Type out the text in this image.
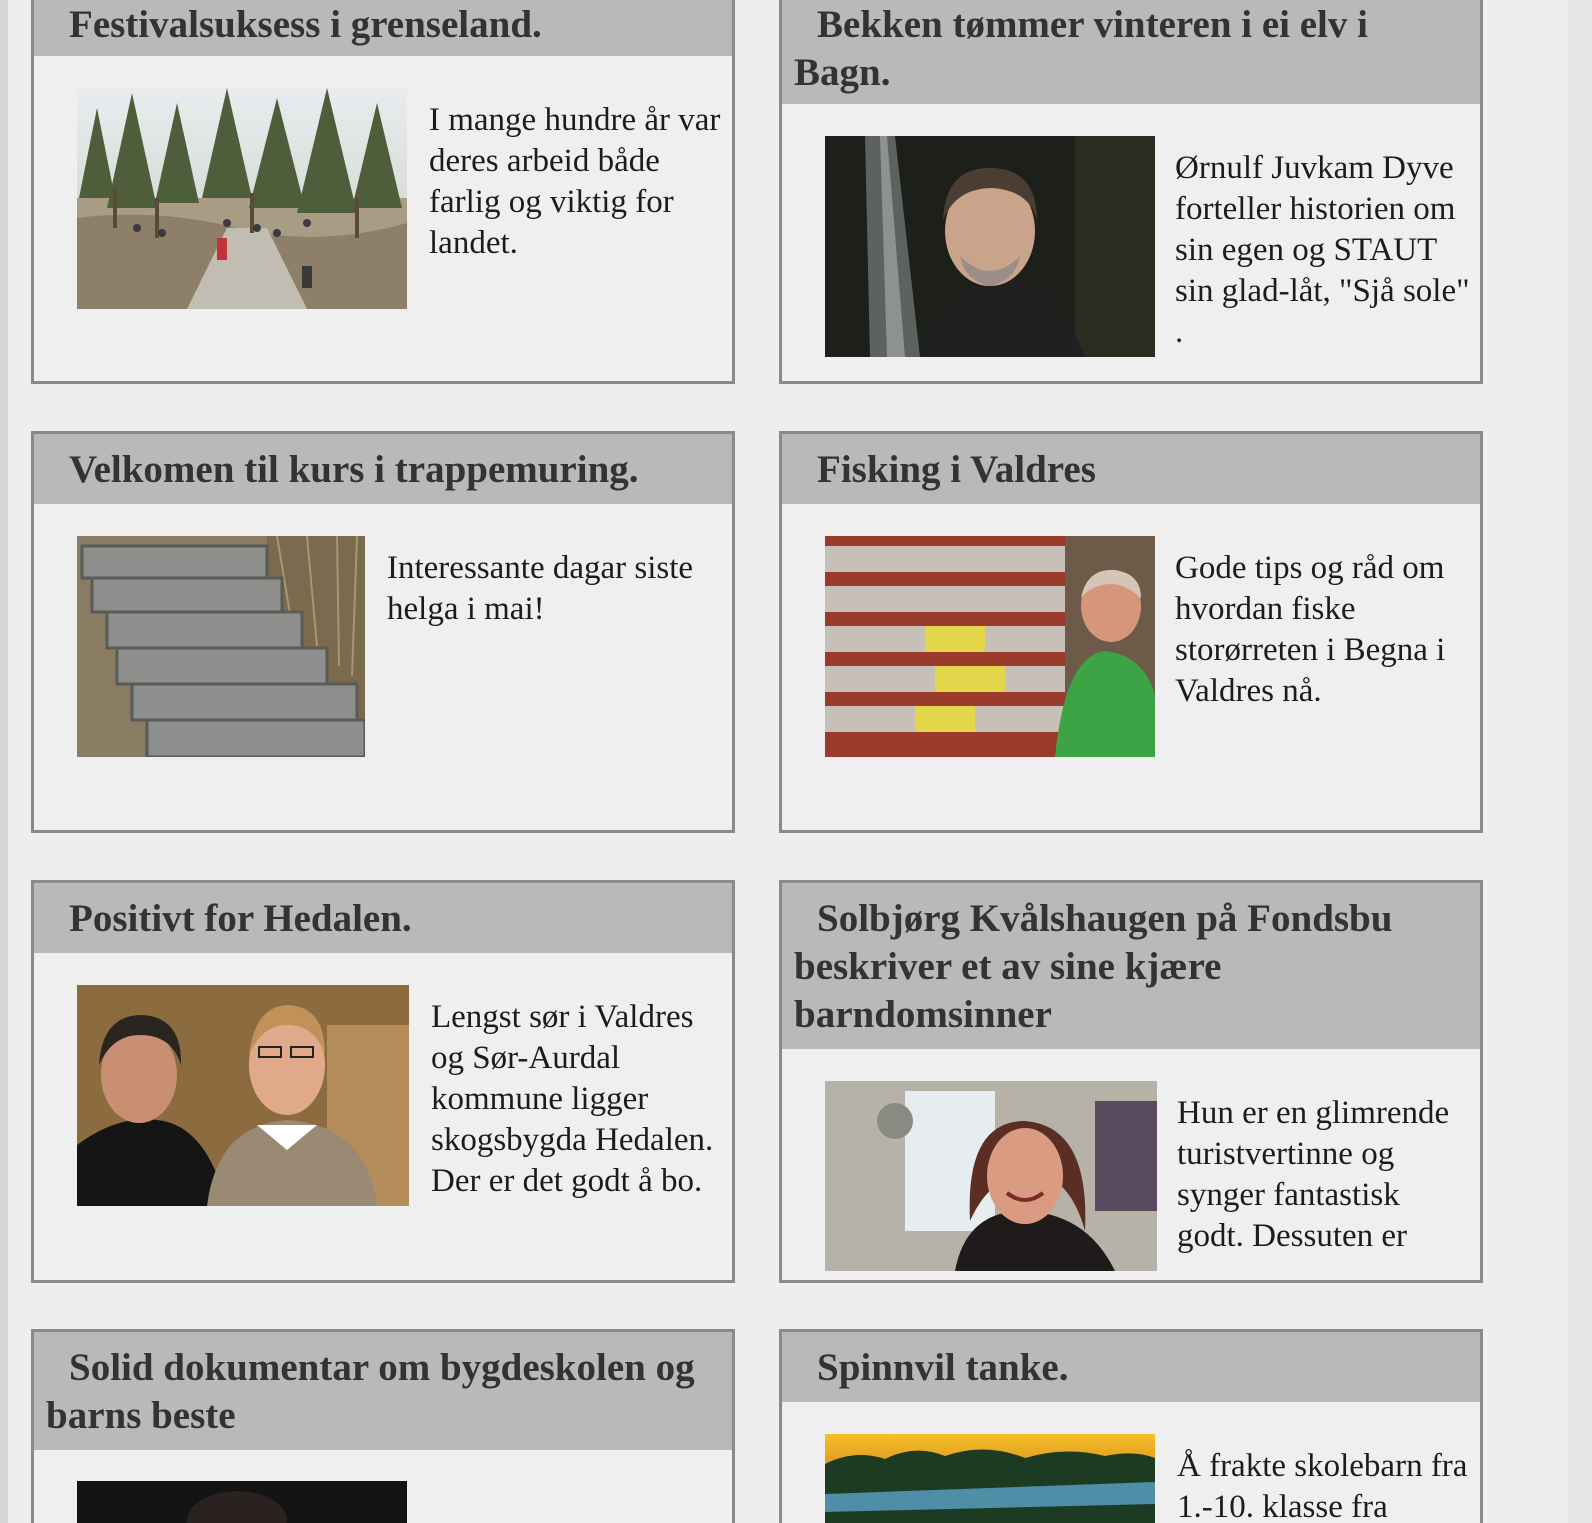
Festivalsuksess i grenseland.
I mange hundre år var deres arbeid både farlig og viktig for landet.
Bekken tømmer vinteren i ei elv i Bagn.
Ørnulf Juvkam Dyve forteller historien om sin egen og STAUT sin glad-låt, "Sjå sole" .
Velkomen til kurs i trappemuring.
Interessante dagar siste helga i mai!
Fisking i Valdres
Gode tips og råd om hvordan fiske storørreten i Begna i Valdres nå.
Positivt for Hedalen.
Lengst sør i Valdres og Sør-Aurdal kommune ligger skogsbygda Hedalen. Der er det godt å bo.
Solbjørg Kvålshaugen på Fondsbu beskriver et av sine kjære barndomsinner
Hun er en glimrende turistvertinne og synger fantastisk godt. Dessuten er
Solid dokumentar om bygdeskolen og barns beste
Spinnvil tanke.
Å frakte skolebarn fra 1.-10. klasse fra
